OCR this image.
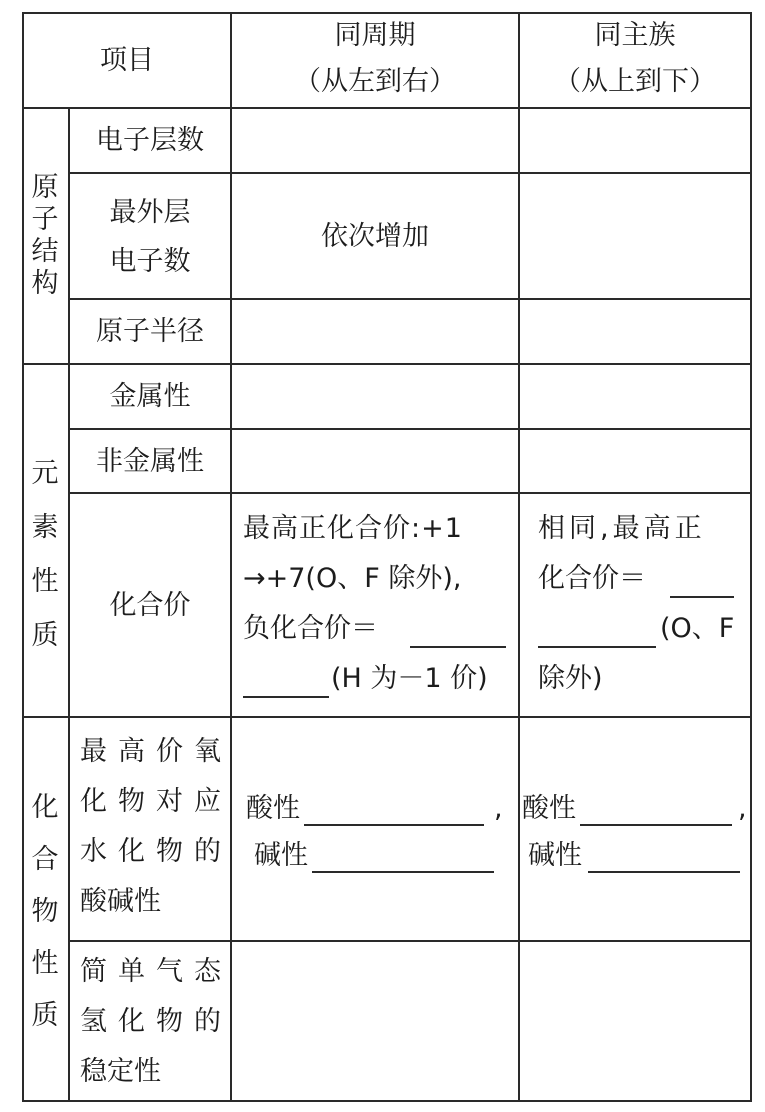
项目
同周期
（从左到右）
同主族
（从上到下）
原
子
结
构
电子层数
最外层
电子数
依次增加
原子半径
元
素
性
质
金属性
非金属性
化合价
最高正化合价:+1
→+7(O、F 除外),
负化合价＝
(H 为－1 价)
相同,最高正
化合价＝
(O、F
除外)
化
合
物
性
质
最高价氧
化物对应
水化物的
酸碱性
酸性	,
碱性
酸性	,
碱性
简单气态
氢化物的
稳定性
